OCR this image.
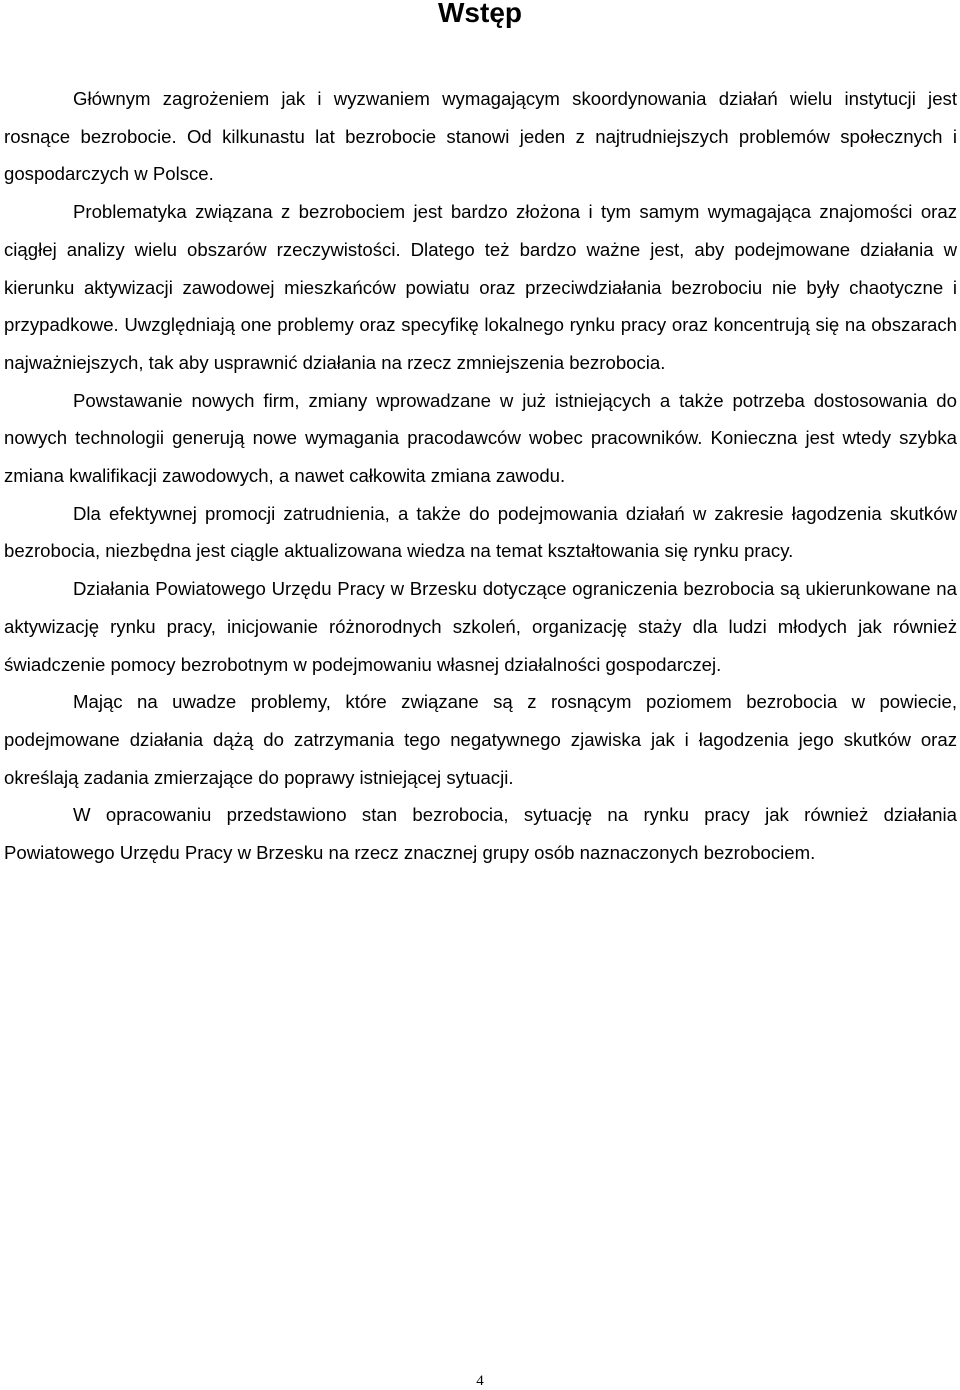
Wstęp

Głównym zagrożeniem jak i wyzwaniem wymagającym skoordynowania działań wielu instytucji jest rosnące bezrobocie. Od kilkunastu lat bezrobocie stanowi jeden z najtrudniejszych problemów społecznych i gospodarczych w Polsce.

Problematyka związana z bezrobociem jest bardzo złożona i tym samym wymagająca znajomości oraz ciągłej analizy wielu obszarów rzeczywistości. Dlatego też bardzo ważne jest, aby podejmowane działania w kierunku aktywizacji zawodowej mieszkańców powiatu oraz przeciwdziałania bezrobociu nie były chaotyczne i przypadkowe. Uwzględniają one problemy oraz specyfikę lokalnego rynku pracy oraz koncentrują się na obszarach najważniejszych, tak aby usprawnić działania na rzecz zmniejszenia bezrobocia.

Powstawanie nowych firm, zmiany wprowadzane w już istniejących a także potrzeba dostosowania do nowych technologii generują nowe wymagania pracodawców wobec pracowników. Konieczna jest wtedy szybka zmiana kwalifikacji zawodowych, a nawet całkowita zmiana zawodu.

Dla efektywnej promocji zatrudnienia, a także do podejmowania działań w zakresie łagodzenia skutków bezrobocia, niezbędna jest ciągle aktualizowana wiedza na temat kształtowania się rynku pracy.

Działania Powiatowego Urzędu Pracy w Brzesku dotyczące ograniczenia bezrobocia są ukierunkowane na aktywizację rynku pracy, inicjowanie różnorodnych szkoleń, organizację staży dla ludzi młodych jak również świadczenie pomocy bezrobotnym w podejmowaniu własnej działalności gospodarczej.

Mając na uwadze problemy, które związane są z rosnącym poziomem bezrobocia w powiecie, podejmowane działania dążą do zatrzymania tego negatywnego zjawiska jak i łagodzenia jego skutków oraz określają zadania zmierzające do poprawy istniejącej sytuacji.

W opracowaniu przedstawiono stan bezrobocia, sytuację na rynku pracy jak również działania Powiatowego Urzędu Pracy w Brzesku na rzecz znacznej grupy osób naznaczonych bezrobociem.

4
